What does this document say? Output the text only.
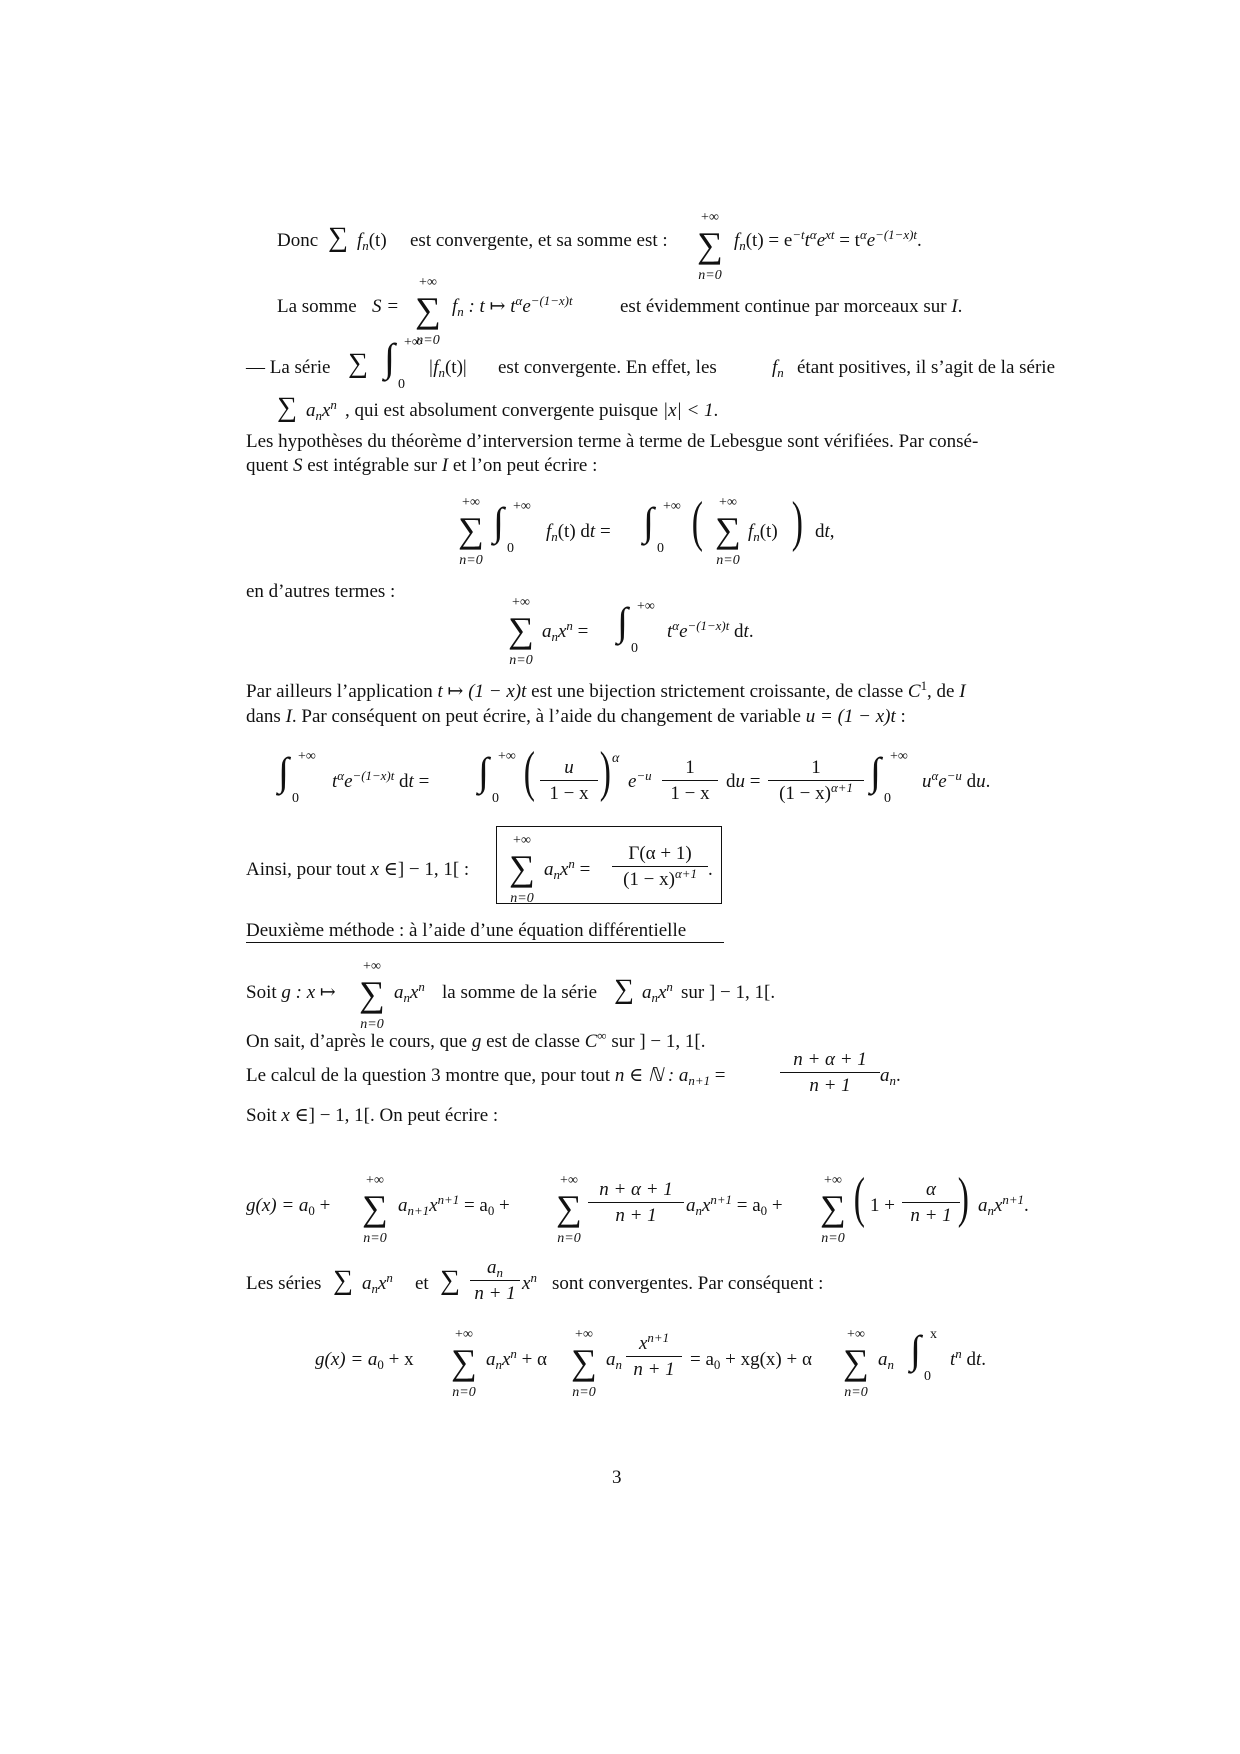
Donc ∑ $f_n(t)$ est convergente, et sa somme est :
+∞
∑
n=0
$f_n(t) = e^{-t}t^\alpha e^{xt} = t^\alpha e^{-(1-x)t}$.
La somme S =
+∞
∑
n=0
$f_n$ : t ↦ $t^\alpha e^{-(1-x)t}$ est évidemment continue par morceaux sur I.
— La série ∑ ∫ +∞
0
$|f_n(t)|$ est convergente. En effet, les	$f_n$ étant positives, il s’agit de la série
∑ $a_nx^n$ , qui est absolument convergente puisque |x| < 1.
Les hypothèses du théorème d’interversion terme à terme de Lebesgue sont vérifiées. Par consé-
quent S est intégrable sur I et l’on peut écrire :
+∞
∑
n=0
∫ +∞
0
$f_n(t)$ dt = ∫ +∞
0 (	+∞
∑
n=0
$f_n(t)$ ) dt,
en d’autres termes :
+∞
∑
n=0
$a_nx^n$ = ∫ +∞
0
$t^\alpha e^{-(1-x)t}$ dt.
Par ailleurs l’application t ↦ (1 − x)t est une bijection strictement croissante, de classe $C^1$, de I
dans I. Par conséquent on peut écrire, à l’aide du changement de variable u = (1 − x)t :
∫ +∞
0
$t^\alpha e^{-(1-x)t}$ dt = ∫ +∞
0 ( $\frac{u}{1 - x}$ ) α
$e^{-u} \frac{1}{1 - x}$ du = $\frac{1}{(1 - x)^{\alpha+1}}$ ∫ +∞
0
$u^\alpha e^{-u}$ du.
Ainsi, pour tout x ∈] − 1, 1[ :
+∞
∑
n=0
$a_nx^n = \frac{\Gamma(\alpha + 1)}{(1 - x)^{\alpha+1}}$ .
Deuxième méthode : à l’aide d’une équation différentielle
Soit g : x ↦
+∞
∑
n=0
$a_nx^n$ la somme de la série ∑ $a_nx^n$ sur ] − 1, 1[.
On sait, d’après le cours, que g est de classe C∞ sur ] − 1, 1[.
Le calcul de la question 3 montre que, pour tout n ∈ ℕ : $a_{n+1}$ =	$\frac{n + \alpha + 1}{n + 1} a_n$.
Soit x ∈] − 1, 1[. On peut écrire :
$g(x) = a_0$ +
+∞
∑
n=0
$a_{n+1}x^{n+1} = a_0$ +
+∞
∑
n=0
$\frac{n + \alpha + 1}{n + 1} a_nx^{n+1} = a_0$ +
+∞
∑
n=0
( $1 + \frac{\alpha}{n + 1}$
) $a_nx^{n+1}$.
Les séries ∑ $a_nx^n$ et ∑ $\frac{a_n}{n + 1} x^n$ sont convergentes. Par conséquent :
$g(x) = a_0 + x$
+∞
∑
n=0
$a_nx^n + \alpha$
+∞
∑
n=0
$a_n \frac{x^{n+1}}{n + 1} = a_0 + xg(x) + \alpha$
+∞
∑
n=0
$a_n$ ∫ x
0
$t^n$ dt.
3
